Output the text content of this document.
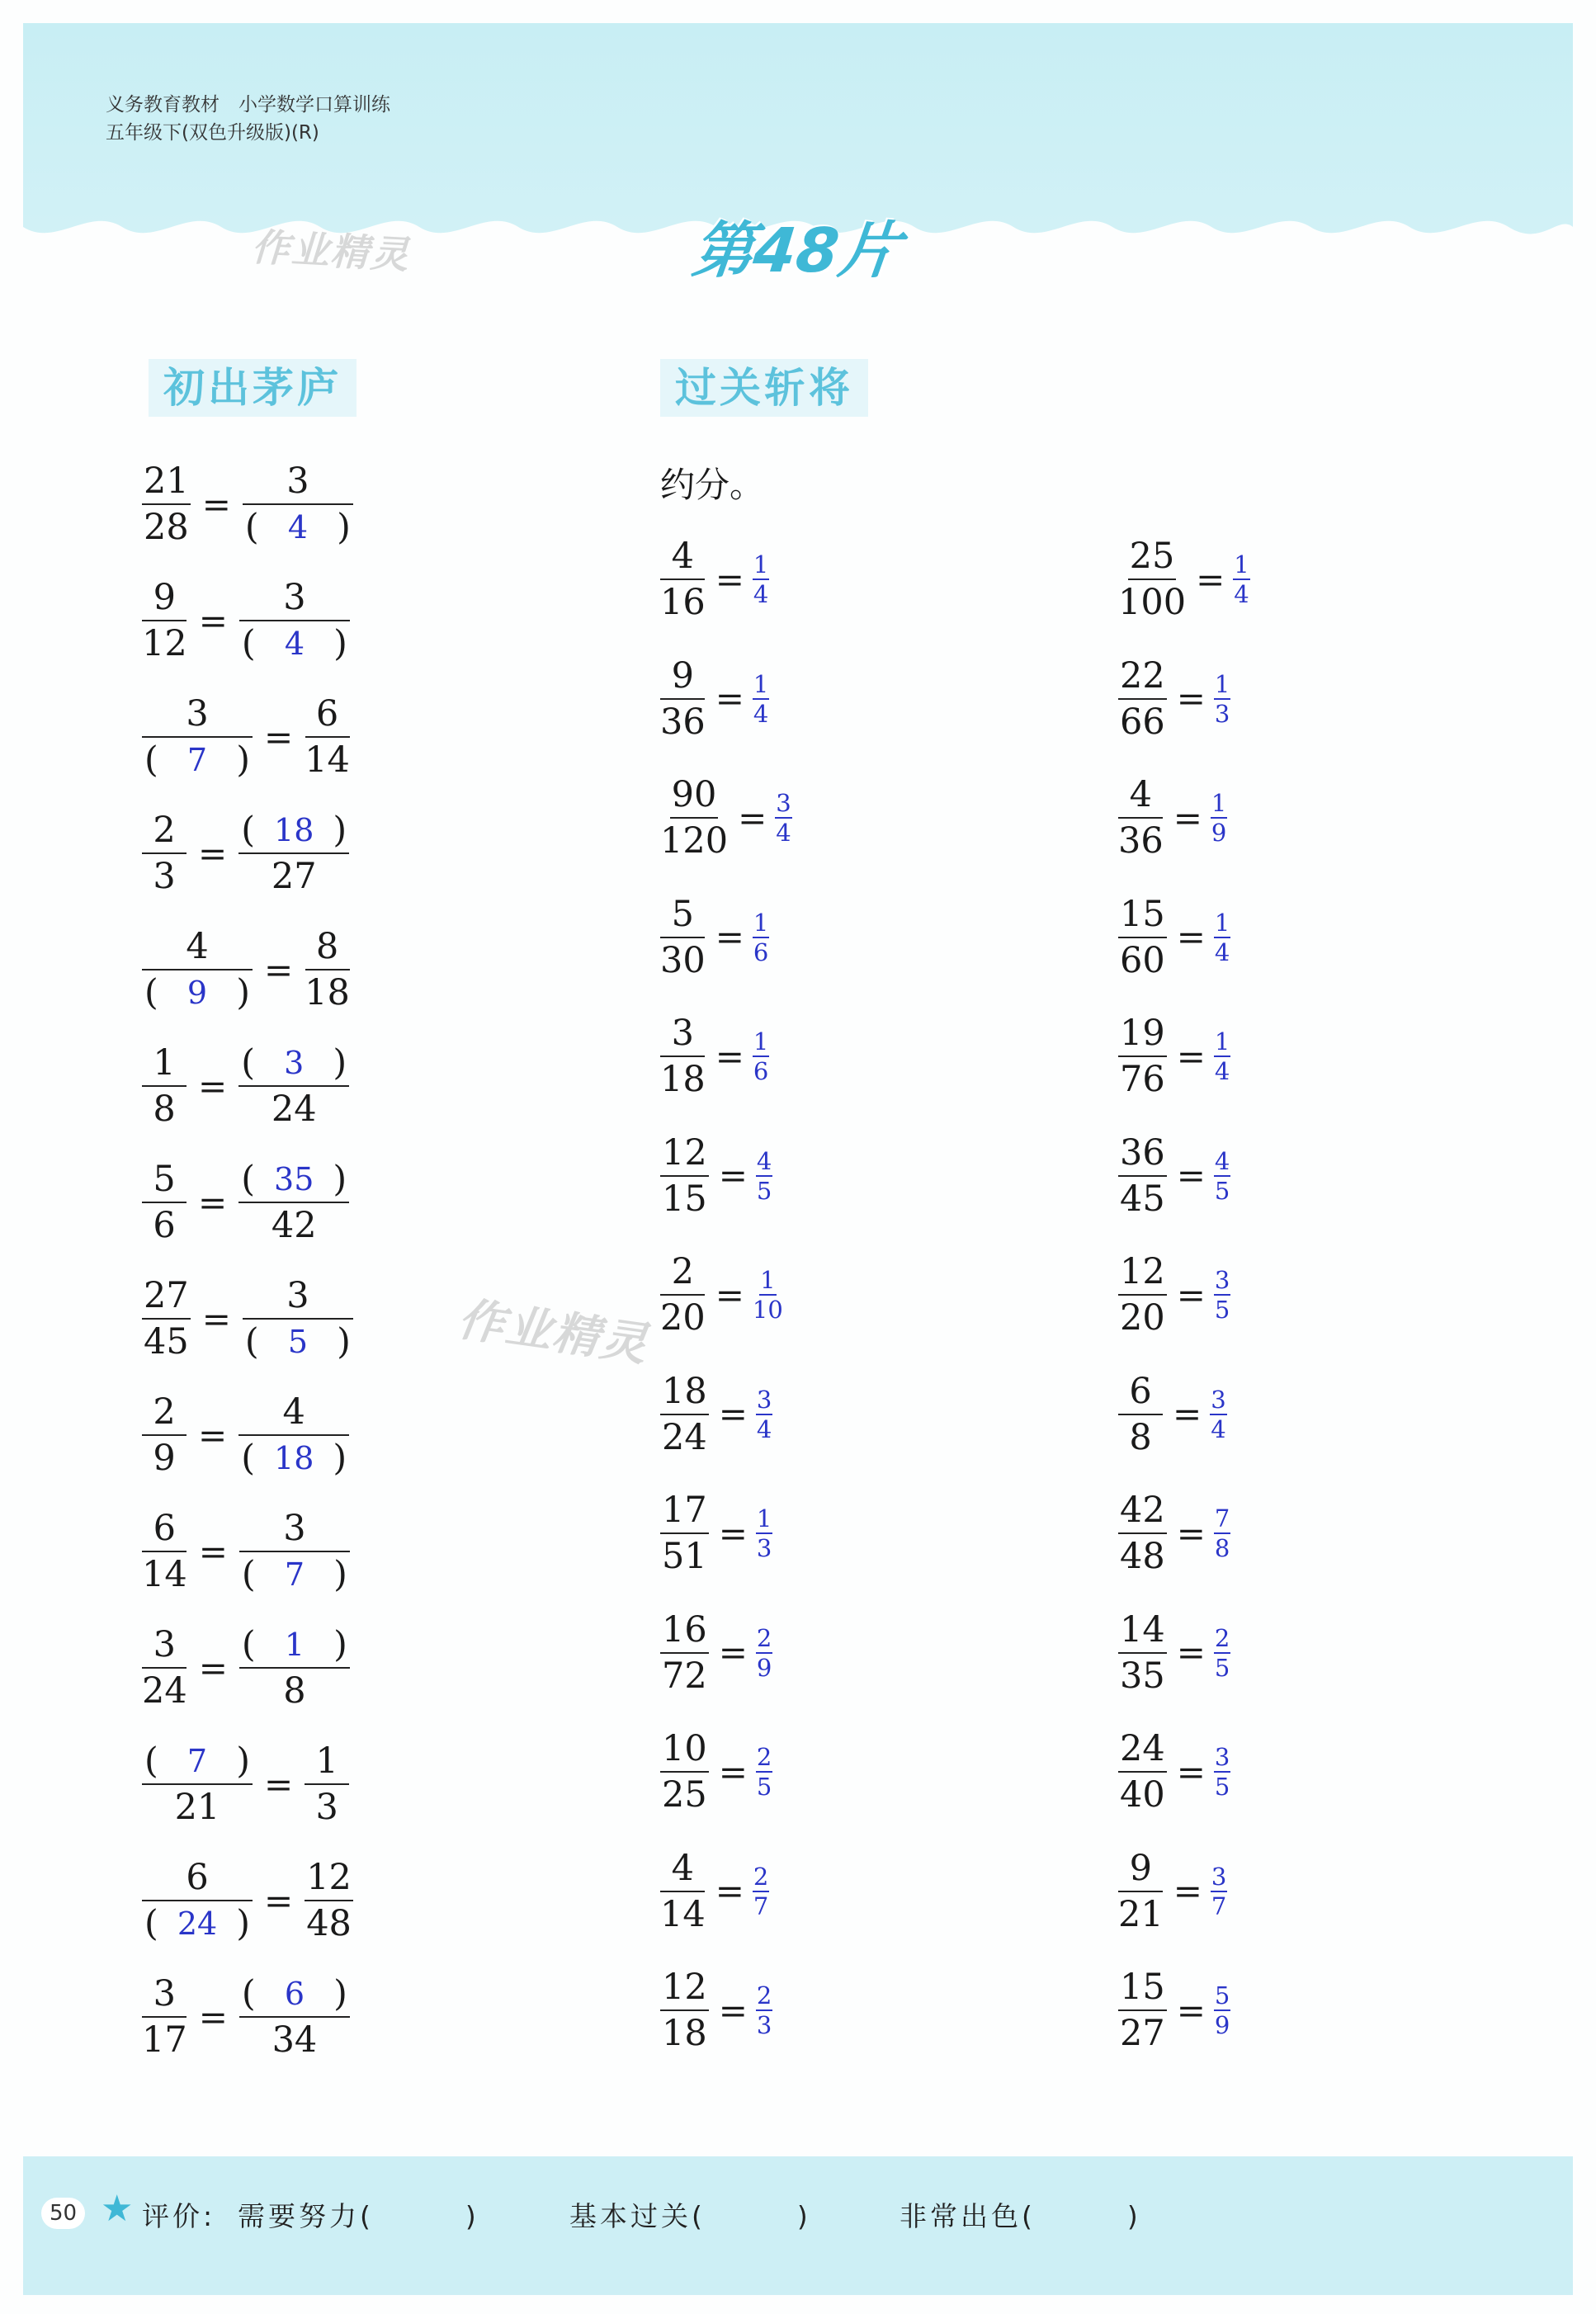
义务教育教材　小学数学口算训练
五年级下(双色升级版)(R)
作业精灵
作业精灵
第48片
初出茅庐	过关斩将
约分。
$\frac{21}{28} = \frac{3}{( 4 )}$
$\frac{9}{12} = \frac{3}{( 4 )}$
$\frac{3}{( 7 )} = \frac{6}{14}$
$\frac{2}{3} = \frac{( 18 )}{27}$
$\frac{4}{( 9 )} = \frac{8}{18}$
$\frac{1}{8} = \frac{( 3 )}{24}$
$\frac{5}{6} = \frac{( 35 )}{42}$
$\frac{27}{45} = \frac{3}{( 5 )}$
$\frac{2}{9} = \frac{4}{( 18 )}$
$\frac{6}{14} = \frac{3}{( 7 )}$
$\frac{3}{24} = \frac{( 1 )}{8}$
$\frac{( 7 )}{21} = \frac{1}{3}$
$\frac{6}{( 24 )} = \frac{12}{48}$
$\frac{3}{17} = \frac{( 6 )}{34}$
$\frac{4}{16} = \frac{1}{4}$
$\frac{9}{36} = \frac{1}{4}$
$\frac{90}{120} = \frac{3}{4}$
$\frac{5}{30} = \frac{1}{6}$
$\frac{3}{18} = \frac{1}{6}$
$\frac{12}{15} = \frac{4}{5}$
$\frac{2}{20} = \frac{1}{10}$
$\frac{18}{24} = \frac{3}{4}$
$\frac{17}{51} = \frac{1}{3}$
$\frac{16}{72} = \frac{2}{9}$
$\frac{10}{25} = \frac{2}{5}$
$\frac{4}{14} = \frac{2}{7}$
$\frac{12}{18} = \frac{2}{3}$
$\frac{25}{100} = \frac{1}{4}$
$\frac{22}{66} = \frac{1}{3}$
$\frac{4}{36} = \frac{1}{9}$
$\frac{15}{60} = \frac{1}{4}$
$\frac{19}{76} = \frac{1}{4}$
$\frac{36}{45} = \frac{4}{5}$
$\frac{12}{20} = \frac{3}{5}$
$\frac{6}{8} = \frac{3}{4}$
$\frac{42}{48} = \frac{7}{8}$
$\frac{14}{35} = \frac{2}{5}$
$\frac{24}{40} = \frac{3}{5}$
$\frac{9}{21} = \frac{3}{7}$
$\frac{15}{27} = \frac{5}{9}$
50 ★ 评价: 需要努力(　　　)	基本过关(　　　)	非常出色(　　　)
